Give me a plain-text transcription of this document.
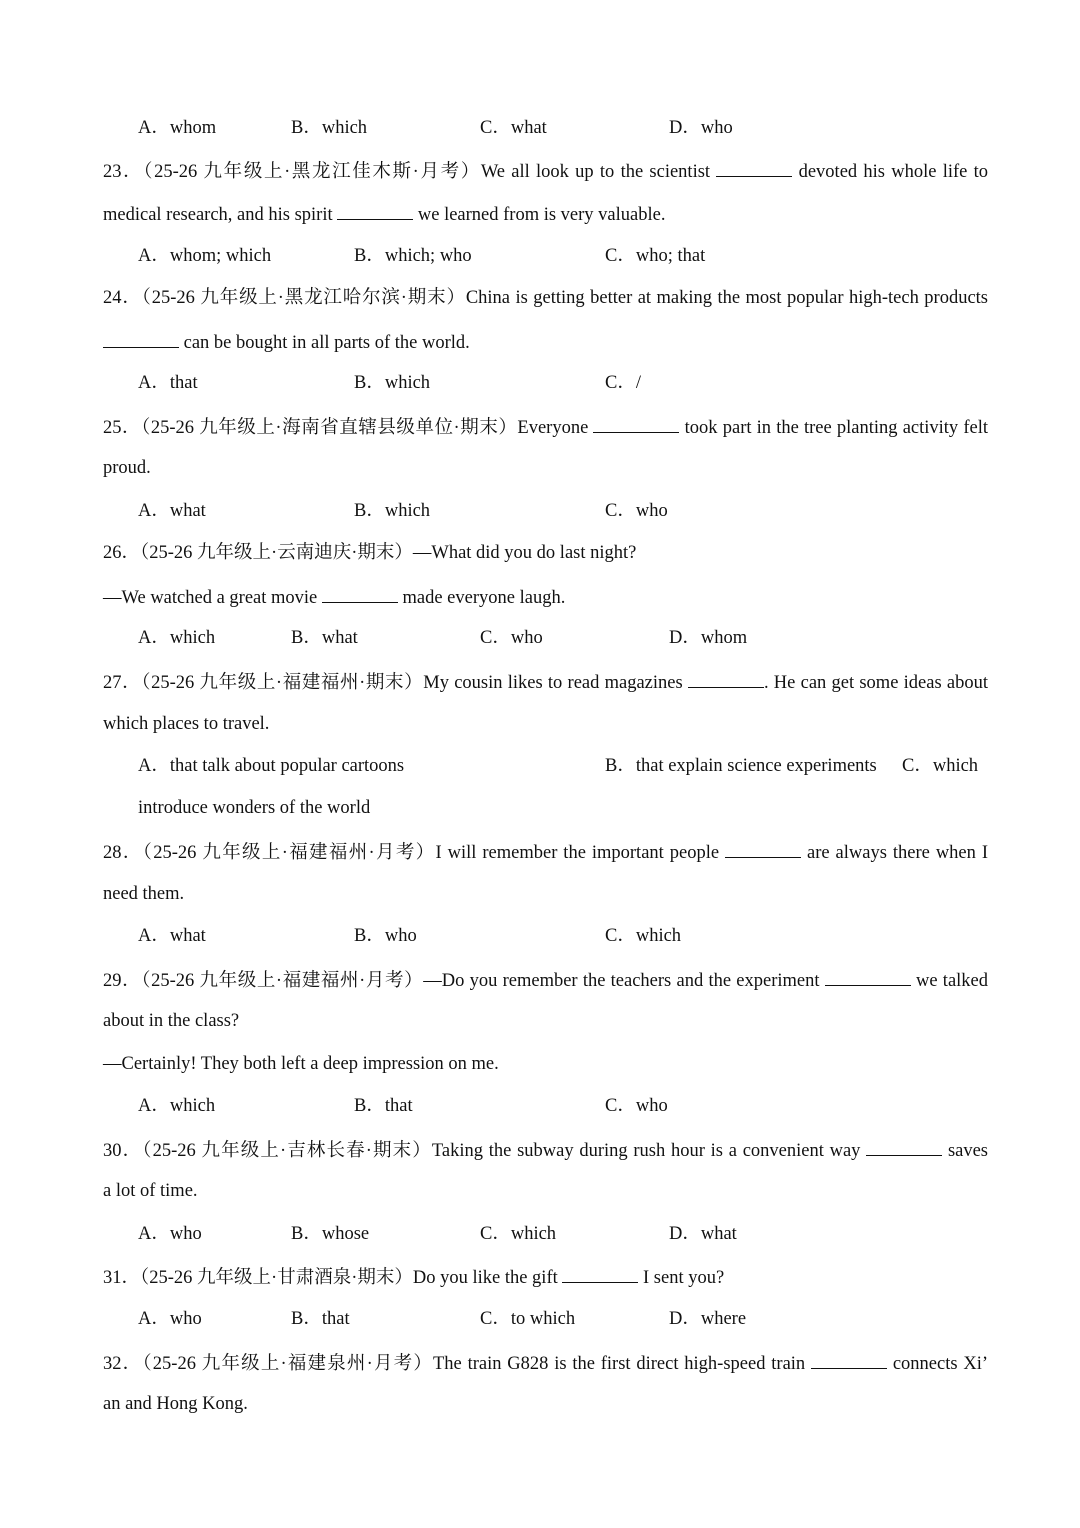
A．whom	B．which	C．what	D．who
23．（25-26 九年级上·黑龙江佳木斯·月考）We all look up to the scientist	devoted his whole life to
medical research, and his spirit	we learned from is very valuable.
A．whom; which	B．which; who	C．who; that
24．（25-26 九年级上·黑龙江哈尔滨·期末）China is getting better at making the most popular high-tech products
can be bought in all parts of the world.
A．that	B．which	C．/
25．（25-26 九年级上·海南省直辖县级单位·期末）Everyone	took part in the tree planting activity felt
proud.
A．what	B．which	C．who
26．（25-26 九年级上·云南迪庆·期末）—What did you do last night?
—We watched a great movie	made everyone laugh.
A．which	B．what	C．who	D．whom
27．（25-26 九年级上·福建福州·期末）My cousin likes to read magazines	. He can get some ideas about
which places to travel.
A．that talk about popular cartoons	B．that explain science experiments C．which
introduce wonders of the world
28．（25-26 九年级上·福建福州·月考）I will remember the important people	are always there when I
need them.
A．what	B．who	C．which
29．（25-26 九年级上·福建福州·月考）—Do you remember the teachers and the experiment	we talked
about in the class?
—Certainly! They both left a deep impression on me.
A．which	B．that	C．who
30．（25-26 九年级上·吉林长春·期末）Taking the subway during rush hour is a convenient way	saves
a lot of time.
A．who	B．whose	C．which	D．what
31．（25-26 九年级上·甘肃酒泉·期末）Do you like the gift	I sent you?
A．who	B．that	C．to which	D．where
32．（25-26 九年级上·福建泉州·月考）The train G828 is the first direct high-speed train	connects Xi’
an and Hong Kong.
